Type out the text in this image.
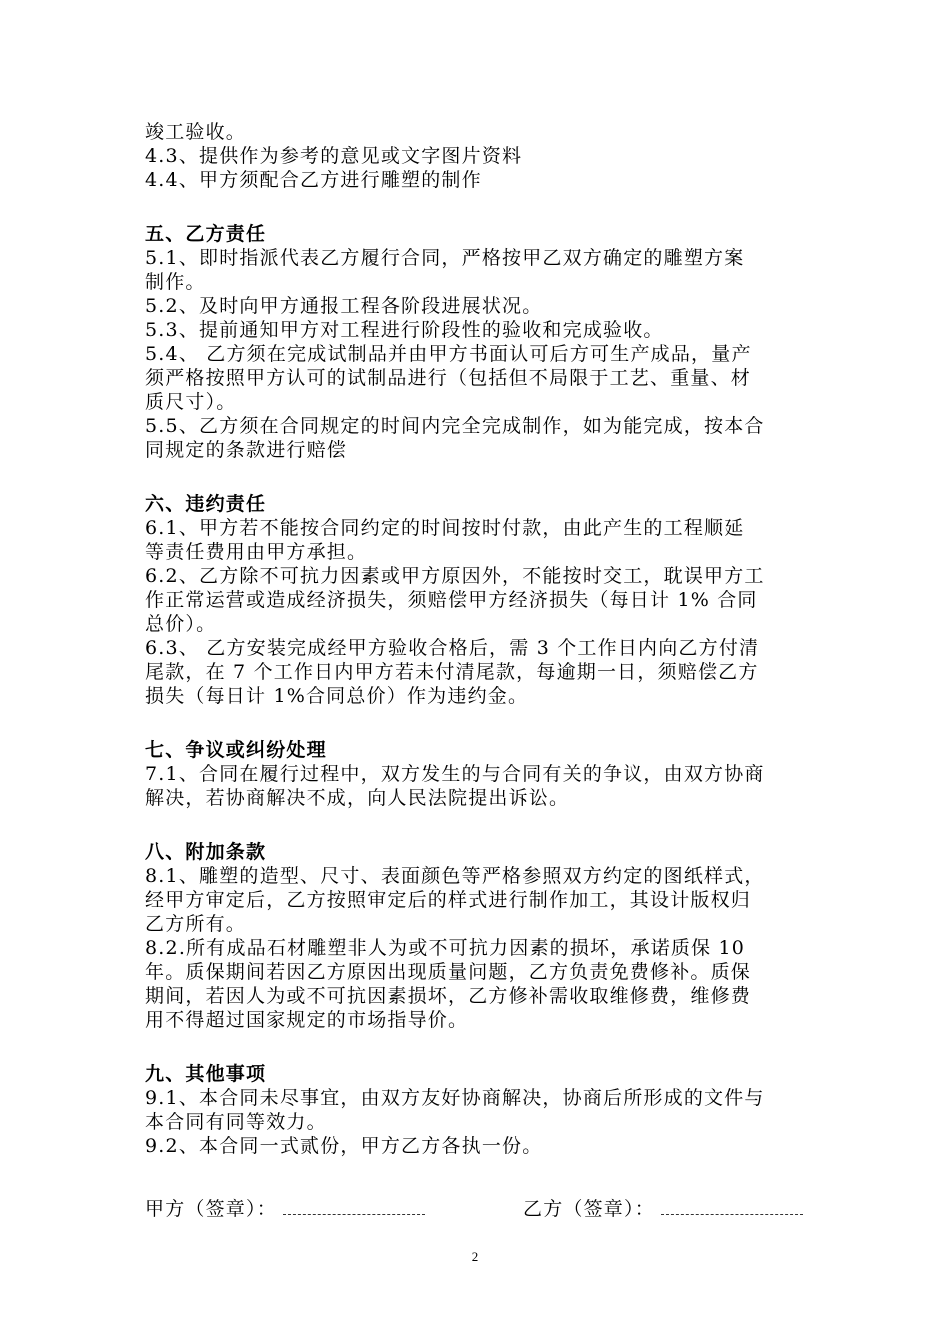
竣工验收。
4.3、提供作为参考的意见或文字图片资料
4.4、甲方须配合乙方进行雕塑的制作
五、乙方责任
5.1、即时指派代表乙方履行合同，严格按甲乙双方确定的雕塑方案
制作。
5.2、及时向甲方通报工程各阶段进展状况。
5.3、提前通知甲方对工程进行阶段性的验收和完成验收。
5.4、 乙方须在完成试制品并由甲方书面认可后方可生产成品，量产
须严格按照甲方认可的试制品进行（包括但不局限于工艺、重量、材
质尺寸）。
5.5、乙方须在合同规定的时间内完全完成制作，如为能完成，按本合
同规定的条款进行赔偿
六、违约责任
6.1、甲方若不能按合同约定的时间按时付款，由此产生的工程顺延
等责任费用由甲方承担。
6.2、乙方除不可抗力因素或甲方原因外，不能按时交工，耽误甲方工
作正常运营或造成经济损失，须赔偿甲方经济损失（每日计 1% 合同
总价）。
6.3、 乙方安装完成经甲方验收合格后，需 3 个工作日内向乙方付清
尾款，在 7 个工作日内甲方若未付清尾款，每逾期一日，须赔偿乙方
损失（每日计 1%合同总价）作为违约金。
七、争议或纠纷处理
7.1、合同在履行过程中，双方发生的与合同有关的争议，由双方协商
解决，若协商解决不成，向人民法院提出诉讼。
八、附加条款
8.1、雕塑的造型、尺寸、表面颜色等严格参照双方约定的图纸样式，
经甲方审定后，乙方按照审定后的样式进行制作加工，其设计版权归
乙方所有。
8.2.所有成品石材雕塑非人为或不可抗力因素的损坏，承诺质保 10
年。质保期间若因乙方原因出现质量问题，乙方负责免费修补。质保
期间，若因人为或不可抗因素损坏，乙方修补需收取维修费，维修费
用不得超过国家规定的市场指导价。
九、其他事项
9.1、本合同未尽事宜，由双方友好协商解决，协商后所形成的文件与
本合同有同等效力。
9.2、本合同一式贰份，甲方乙方各执一份。
甲方（签章）：	乙方（签章）：
2
